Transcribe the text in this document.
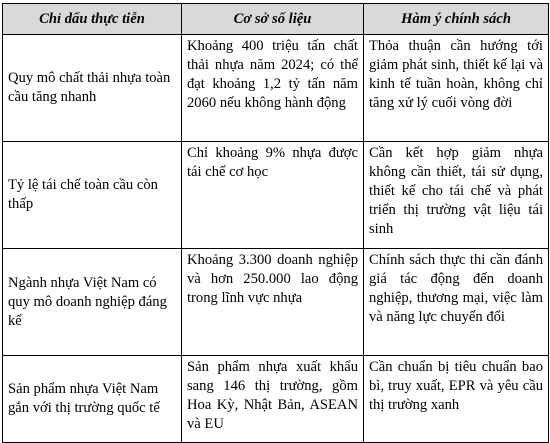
Chỉ dấu thực tiễn	Cơ sở số liệu	Hàm ý chính sách
Quy mô chất thải nhựa toàn cầu tăng nhanh	Khoảng 400 triệu tấn chất thải nhựa năm 2024; có thể đạt khoảng 1,2 tỷ tấn năm 2060 nếu không hành động	Thỏa thuận cần hướng tới giảm phát sinh, thiết kế lại và kinh tế tuần hoàn, không chỉ tăng xử lý cuối vòng đời
Tỷ lệ tái chế toàn cầu còn thấp	Chỉ khoảng 9% nhựa được tái chế cơ học	Cần kết hợp giảm nhựa không cần thiết, tái sử dụng, thiết kế cho tái chế và phát triển thị trường vật liệu tái sinh
Ngành nhựa Việt Nam có quy mô doanh nghiệp đáng kể	Khoảng 3.300 doanh nghiệp và hơn 250.000 lao động trong lĩnh vực nhựa	Chính sách thực thi cần đánh giá tác động đến doanh nghiệp, thương mại, việc làm và năng lực chuyển đổi
Sản phẩm nhựa Việt Nam gắn với thị trường quốc tế	Sản phẩm nhựa xuất khẩu sang 146 thị trường, gồm Hoa Kỳ, Nhật Bản, ASEAN và EU	Cần chuẩn bị tiêu chuẩn bao bì, truy xuất, EPR và yêu cầu thị trường xanh
